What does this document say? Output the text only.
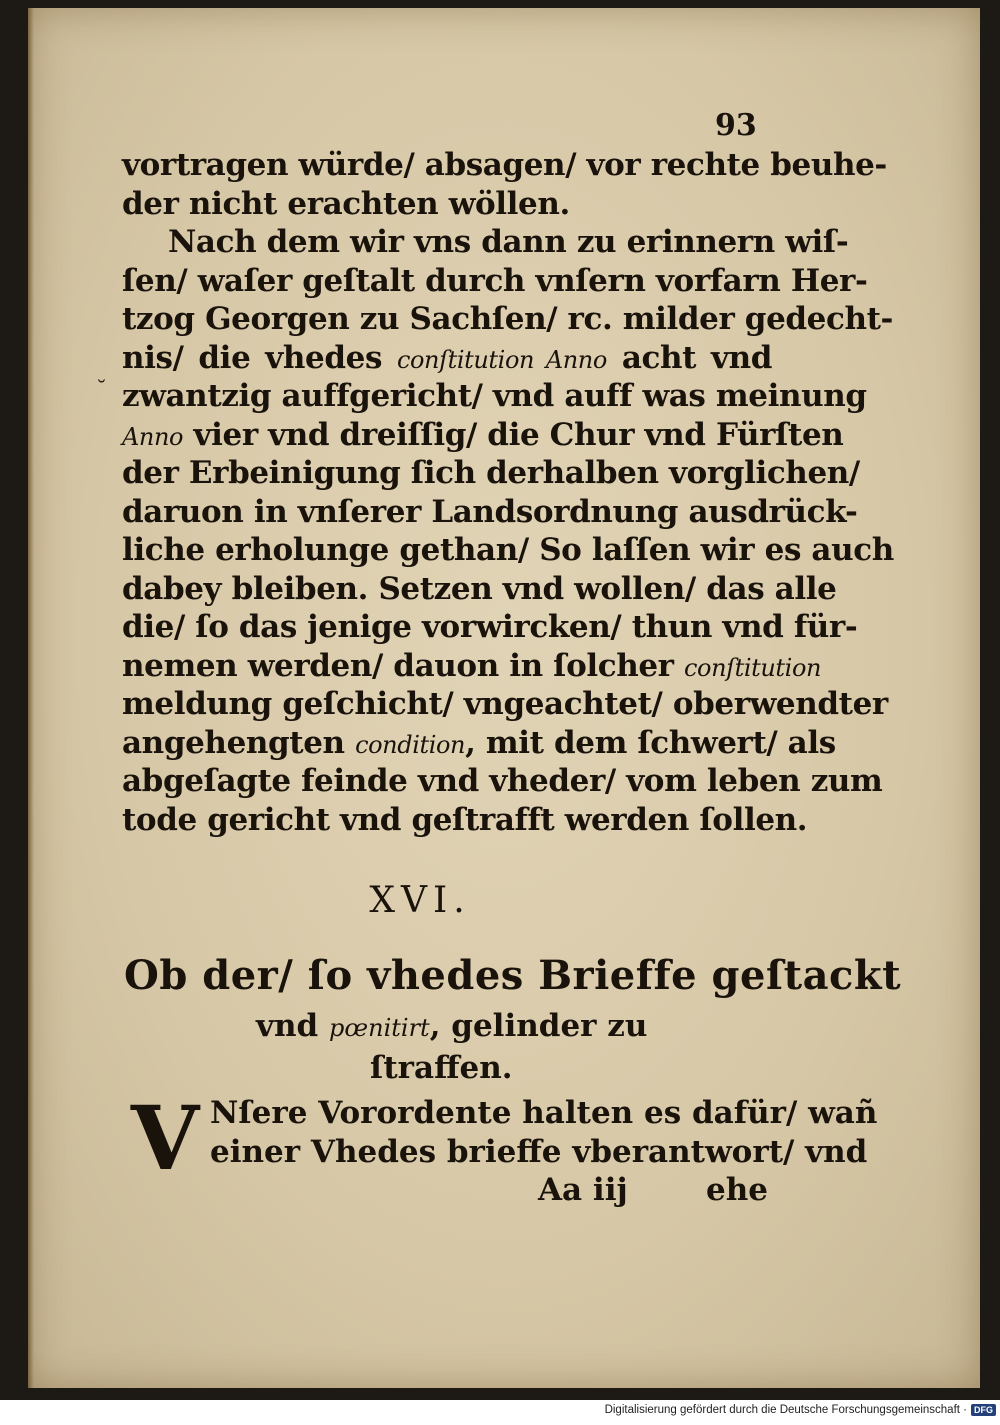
93
˘
vortragen würde/ absagen/ vor rechte beuhe-
der nicht erachten wöllen.
Nach dem wir vns dann zu erinnern wiſ-
ſen/ waſer geſtalt durch vnſern vorfarn Her-
tzog Georgen zu Sachſen/ rc. milder gedecht-
nis/ die vhedes conſtitution Anno acht vnd
zwantzig auffgericht/ vnd auff was meinung
Anno vier vnd dreiſſig/ die Chur vnd Fürſten
der Erbeinigung ſich derhalben vorglichen/
daruon in vnſerer Landsordnung ausdrück-
liche erholunge gethan/ So laſſen wir es auch
dabey bleiben. Setzen vnd wollen/ das alle
die/ ſo das jenige vorwircken/ thun vnd für-
nemen werden/ dauon in ſolcher conſtitution
meldung geſchicht/ vngeachtet/ oberwendter
angehengten condition, mit dem ſchwert/ als
abgeſagte feinde vnd vheder/ vom leben zum
tode gericht vnd geſtrafft werden ſollen.
XVI.
Ob der/ ſo vhedes Brieffe geſtackt
vnd pœnitirt, gelinder zu
ſtraffen.
V Nſere Vorordente halten es dafür/ wañ
einer Vhedes brieffe vberantwort/ vnd
Aa iij	ehe
Digitalisierung gefördert durch die Deutsche Forschungsgemeinschaft · DFG
